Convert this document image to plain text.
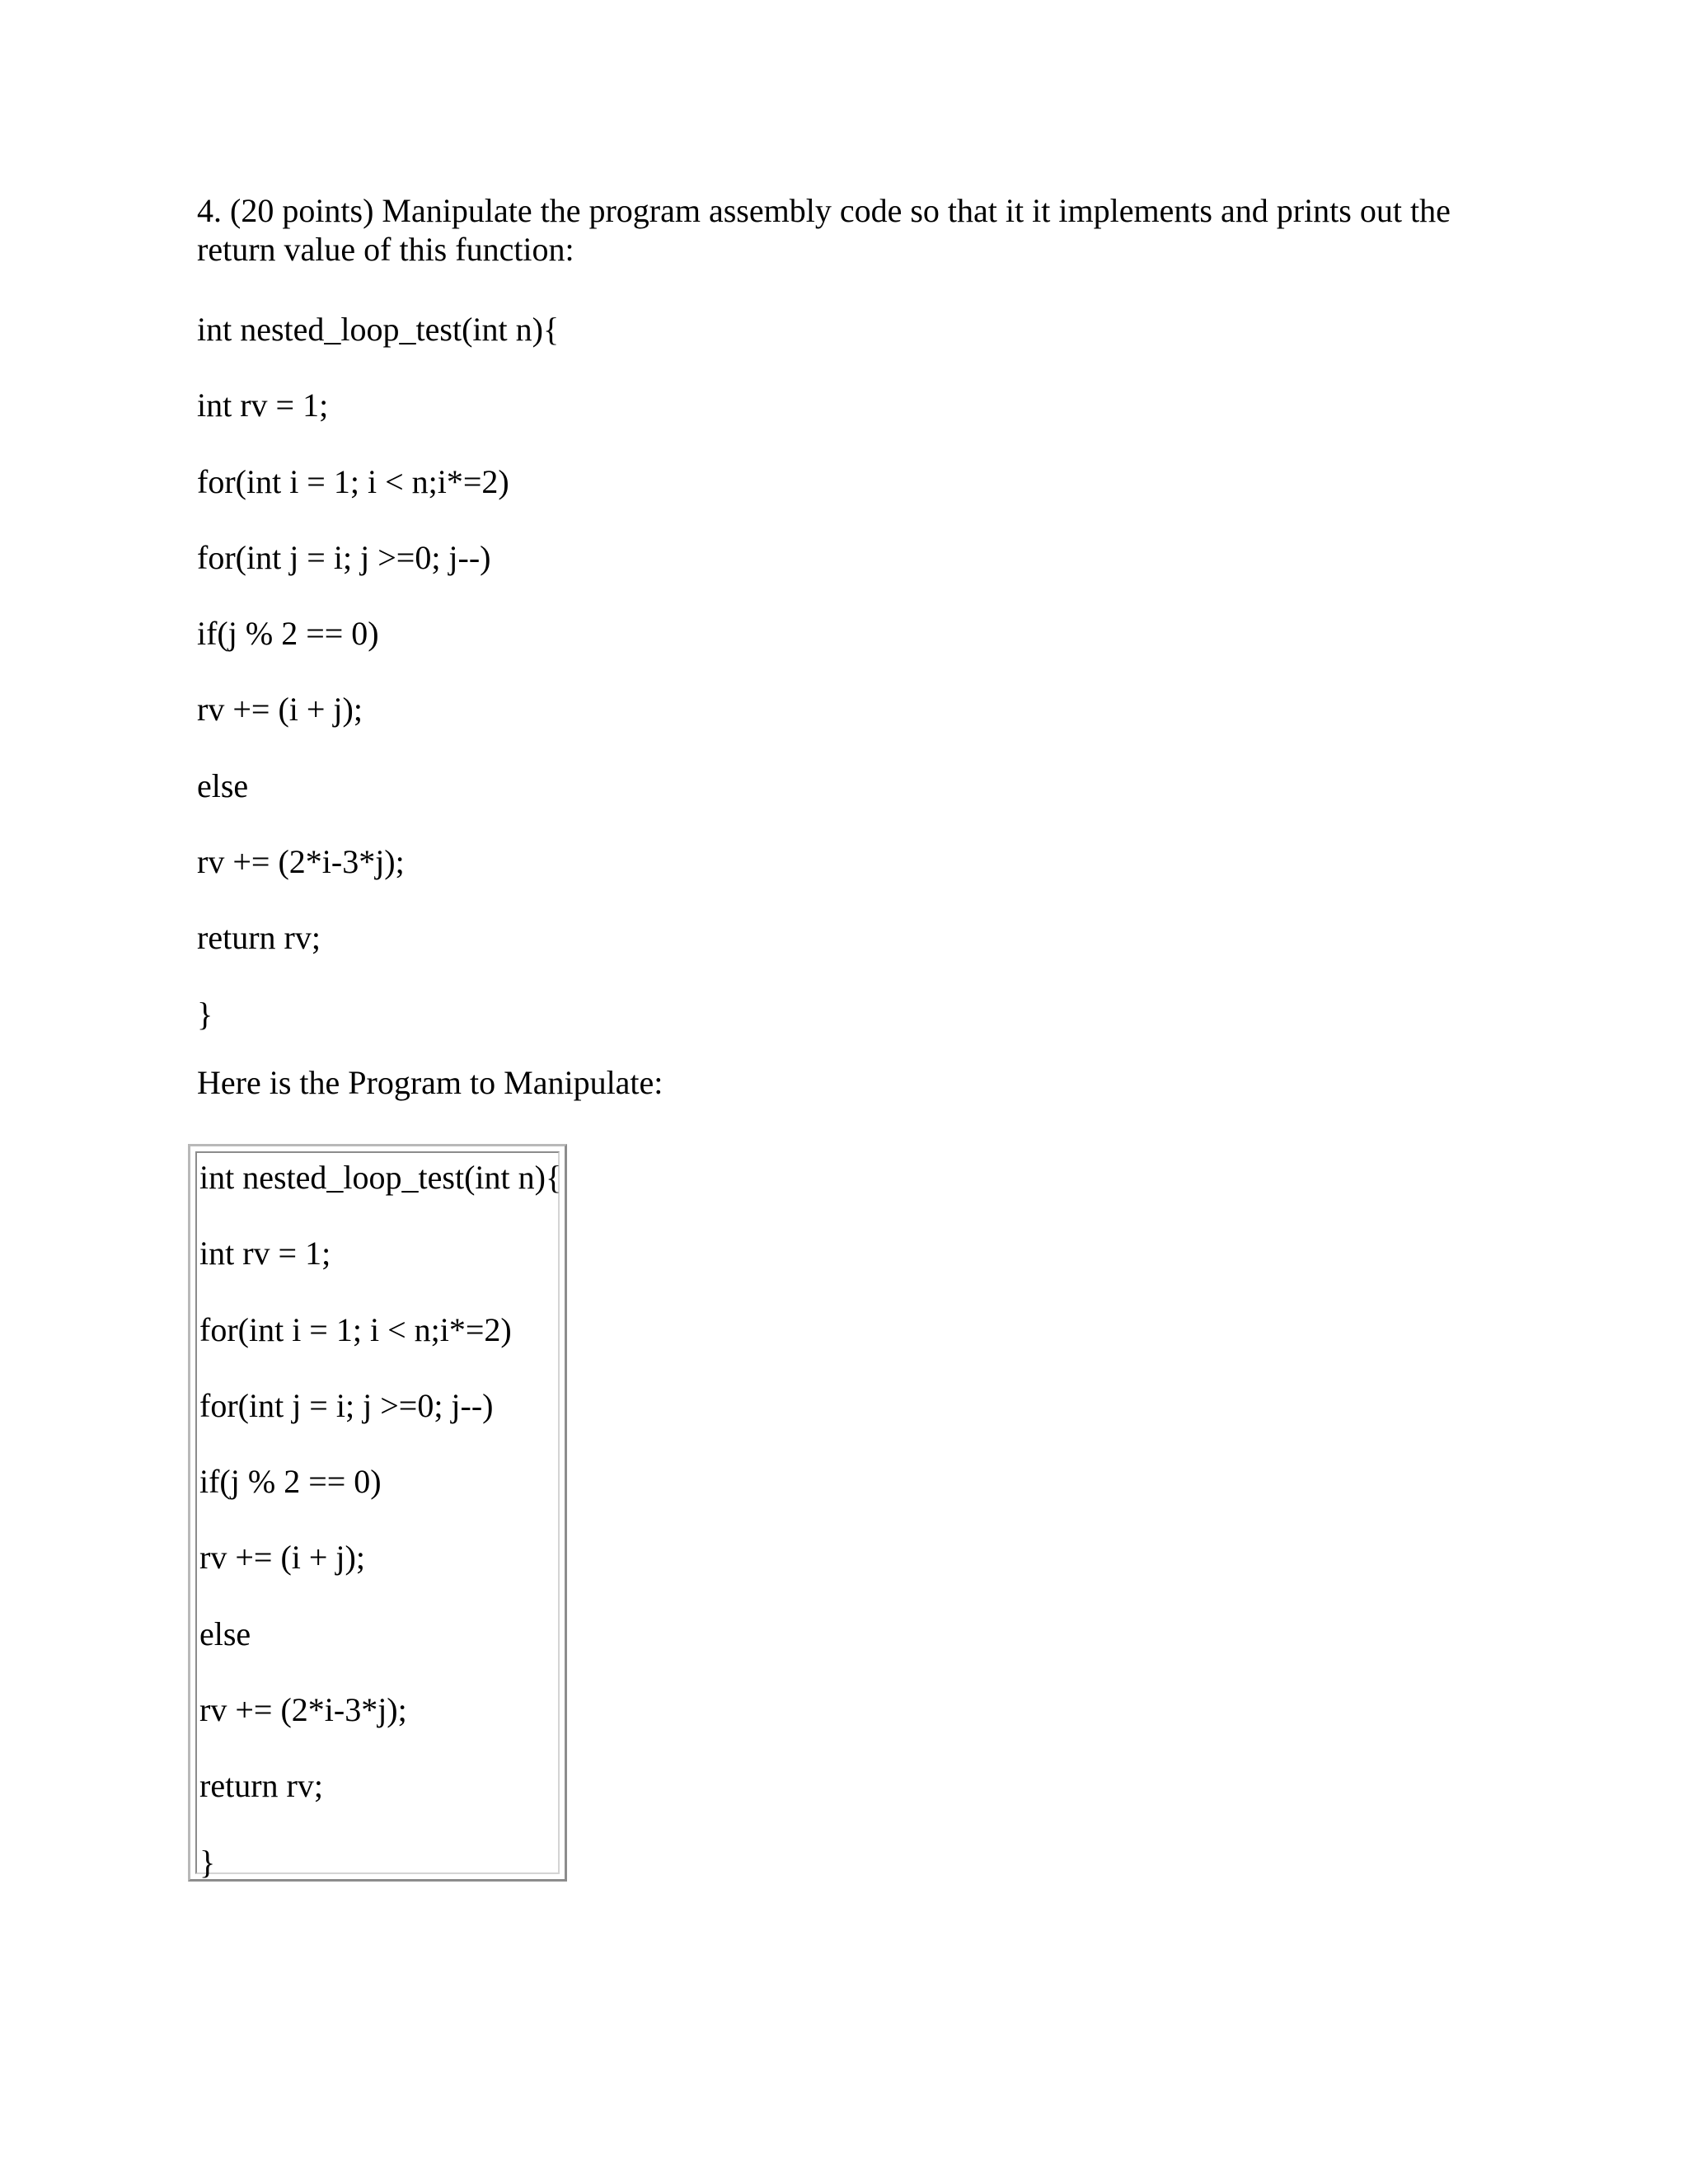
4. (20 points) Manipulate the program assembly code so that it it implements and prints out the return value of this function:

int nested_loop_test(int n){
int rv = 1;
for(int i = 1; i < n;i*=2)
for(int j = i; j >=0; j--)
if(j % 2 == 0)
rv += (i + j);
else
rv += (2*i-3*j);
return rv;
}

Here is the Program to Manipulate:

int nested_loop_test(int n){
int rv = 1;
for(int i = 1; i < n;i*=2)
for(int j = i; j >=0; j--)
if(j % 2 == 0)
rv += (i + j);
else
rv += (2*i-3*j);
return rv;
}
